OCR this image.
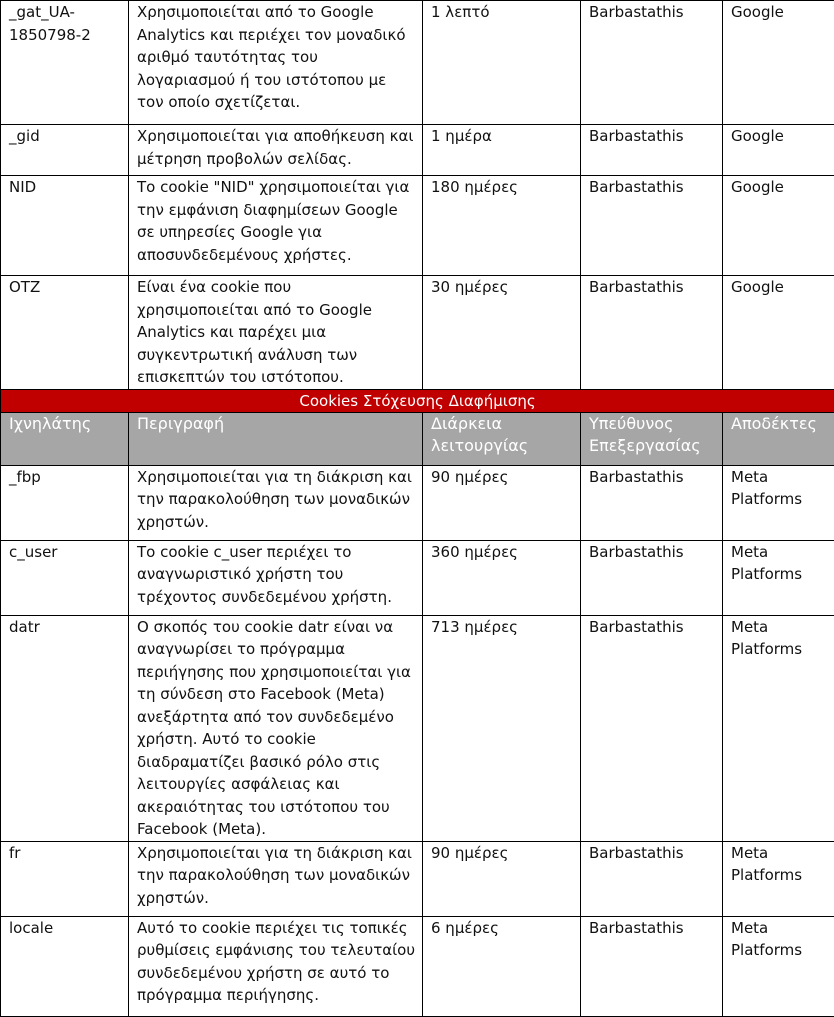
_gat_UA-1850798-2	Χρησιμοποιείται από το Google Analytics και περιέχει τον μοναδικό αριθμό ταυτότητας του λογαριασμού ή του ιστότοπου με τον οποίο σχετίζεται.	1 λεπτό	Barbastathis	Google
_gid	Χρησιμοποιείται για αποθήκευση και μέτρηση προβολών σελίδας.	1 ημέρα	Barbastathis	Google
NID	Το cookie "NID" χρησιμοποιείται για την εμφάνιση διαφημίσεων Google σε υπηρεσίες Google για αποσυνδεδεμένους χρήστες.	180 ημέρες	Barbastathis	Google
OTZ	Είναι ένα cookie που χρησιμοποιείται από το Google Analytics και παρέχει μια συγκεντρωτική ανάλυση των επισκεπτών του ιστότοπου.	30 ημέρες	Barbastathis	Google
Cookies Στόχευσης Διαφήμισης				
Ιχνηλάτης	Περιγραφή	Διάρκεια λειτουργίας	Υπεύθυνος Επεξεργασίας	Αποδέκτες
_fbp	Χρησιμοποιείται για τη διάκριση και την παρακολούθηση των μοναδικών χρηστών.	90 ημέρες	Barbastathis	Meta Platforms
c_user	Το cookie c_user περιέχει το αναγνωριστικό χρήστη του τρέχοντος συνδεδεμένου χρήστη.	360 ημέρες	Barbastathis	Meta Platforms
datr	Ο σκοπός του cookie datr είναι να αναγνωρίσει το πρόγραμμα περιήγησης που χρησιμοποιείται για τη σύνδεση στο Facebook (Meta) ανεξάρτητα από τον συνδεδεμένο χρήστη. Αυτό το cookie διαδραματίζει βασικό ρόλο στις λειτουργίες ασφάλειας και ακεραιότητας του ιστότοπου του Facebook (Meta).	713 ημέρες	Barbastathis	Meta Platforms
fr	Χρησιμοποιείται για τη διάκριση και την παρακολούθηση των μοναδικών χρηστών.	90 ημέρες	Barbastathis	Meta Platforms
locale	Αυτό το cookie περιέχει τις τοπικές ρυθμίσεις εμφάνισης του τελευταίου συνδεδεμένου χρήστη σε αυτό το πρόγραμμα περιήγησης.	6 ημέρες	Barbastathis	Meta Platforms
